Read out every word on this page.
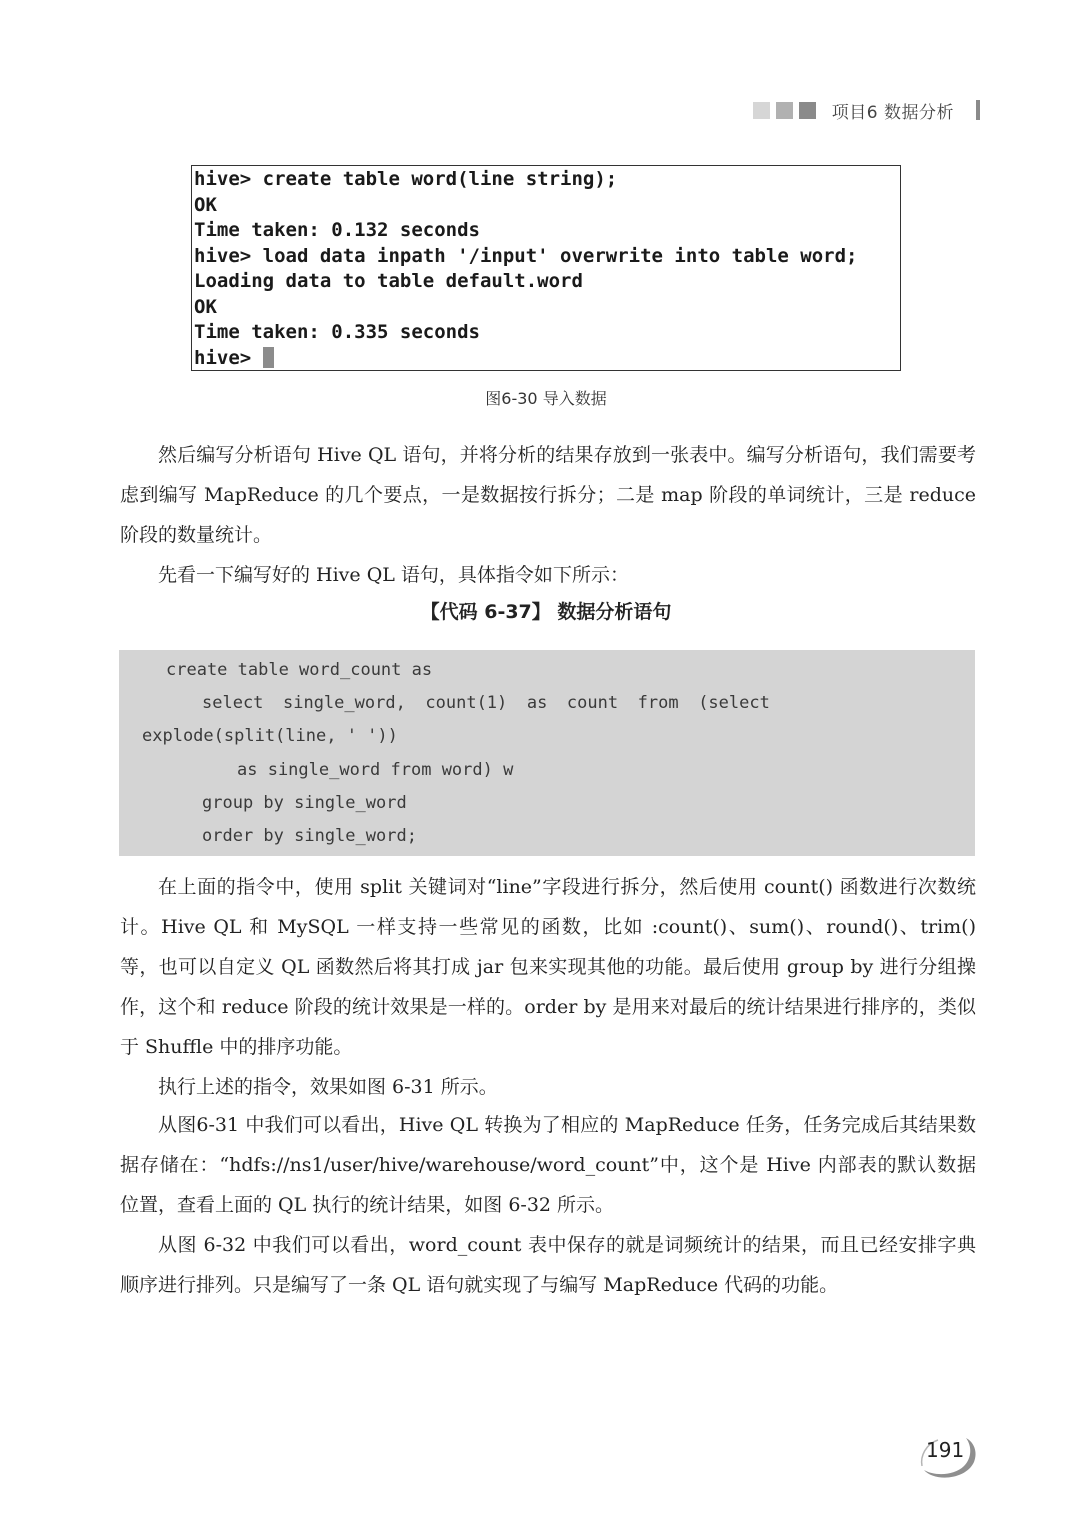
项目6 数据分析
hive> create table word(line string);
OK
Time taken: 0.132 seconds
hive> load data inpath '/input' overwrite into table word;
Loading data to table default.word
OK
Time taken: 0.335 seconds
hive>
图6-30 导入数据
然后编写分析语句 Hive QL 语句，并将分析的结果存放到一张表中。编写分析语句，我们需要考虑到编写 MapReduce 的几个要点，一是数据按行拆分；二是 map 阶段的单词统计，三是 reduce 阶段的数量统计。
先看一下编写好的 Hive QL 语句，具体指令如下所示：
【代码 6-37】 数据分析语句
create table word_count as
select single_word, count(1) as count from (select
explode(split(line, ' '))
as single_word from word) w
group by single_word
order by single_word;
在上面的指令中，使用 split 关键词对“line”字段进行拆分，然后使用 count() 函数进行次数统计。Hive QL 和 MySQL 一样支持一些常见的函数，比如 :count()、sum()、round()、trim() 等，也可以自定义 QL 函数然后将其打成 jar 包来实现其他的功能。最后使用 group by 进行分组操作，这个和 reduce 阶段的统计效果是一样的。order by 是用来对最后的统计结果进行排序的，类似于 Shuffle 中的排序功能。
执行上述的指令，效果如图 6-31 所示。
从图6-31 中我们可以看出，Hive QL 转换为了相应的 MapReduce 任务，任务完成后其结果数据存储在：“hdfs://ns1/user/hive/warehouse/word_count”中，这个是 Hive 内部表的默认数据位置，查看上面的 QL 执行的统计结果，如图 6-32 所示。
从图 6-32 中我们可以看出，word_count 表中保存的就是词频统计的结果，而且已经安排字典顺序进行排列。只是编写了一条 QL 语句就实现了与编写 MapReduce 代码的功能。
191
